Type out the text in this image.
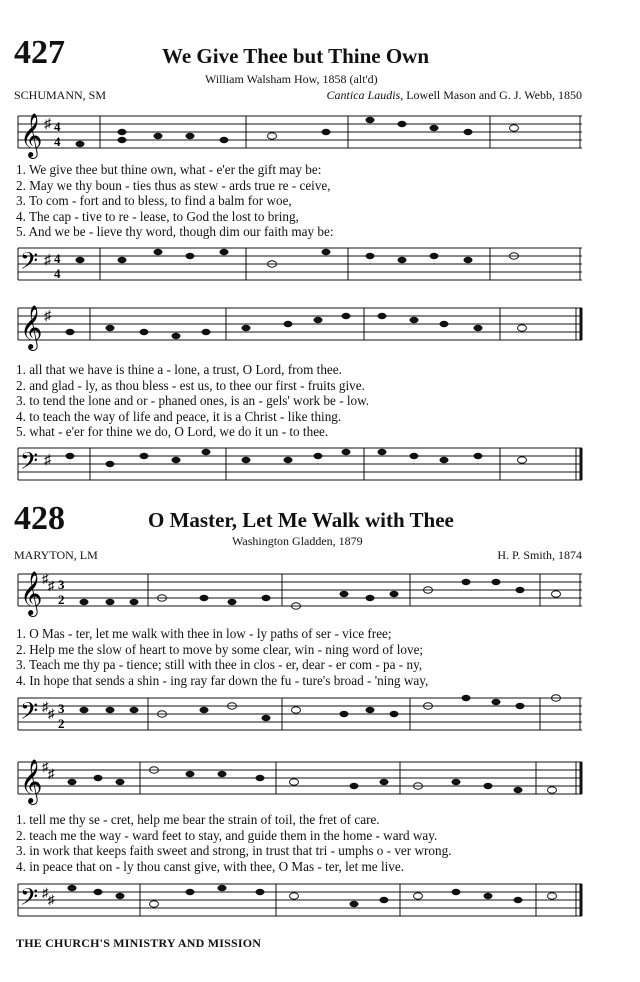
427	We Give Thee but Thine Own
William Walsham How, 1858 (alt'd)
SCHUMANN, SM	Cantica Laudis, Lowell Mason and G. J. Webb, 1850
𝄞 ♯ 4
4
1. We give thee but thine own, what - e'er the gift may be:
2. May we thy boun - ties thus as stew - ards true re - ceive,
3. To com - fort and to bless, to find a balm for woe,
4. The cap - tive to re - lease, to God the lost to bring,
5. And we be - lieve thy word, though dim our faith may be:
𝄢 ♯ 4
4
𝄞 ♯
1. all that we have is thine a - lone, a trust, O Lord, from thee.
2. and glad - ly, as thou bless - est us, to thee our first - fruits give.
3. to tend the lone and or - phaned ones, is an - gels' work be - low.
4. to teach the way of life and peace, it is a Christ - like thing.
5. what - e'er for thine we do, O Lord, we do it un - to thee.
𝄢 ♯
428	O Master, Let Me Walk with Thee
Washington Gladden, 1879
MARYTON, LM	H. P. Smith, 1874
𝄞 ♯ ♯ 3
2
1. O Mas - ter, let me walk with thee in low - ly paths of ser - vice free;
2. Help me the slow of heart to move by some clear, win - ning word of love;
3. Teach me thy pa - tience; still with thee in clos - er, dear - er com - pa - ny,
4. In hope that sends a shin - ing ray far down the fu - ture's broad - 'ning way,
𝄢 ♯ ♯ 3
2
𝄞 ♯ ♯
1. tell me thy se - cret, help me bear the strain of toil, the fret of care.
2. teach me the way - ward feet to stay, and guide them in the home - ward way.
3. in work that keeps faith sweet and strong, in trust that tri - umphs o - ver wrong.
4. in peace that on - ly thou canst give, with thee, O Mas - ter, let me live.
𝄢 ♯ ♯
THE CHURCH'S MINISTRY AND MISSION
